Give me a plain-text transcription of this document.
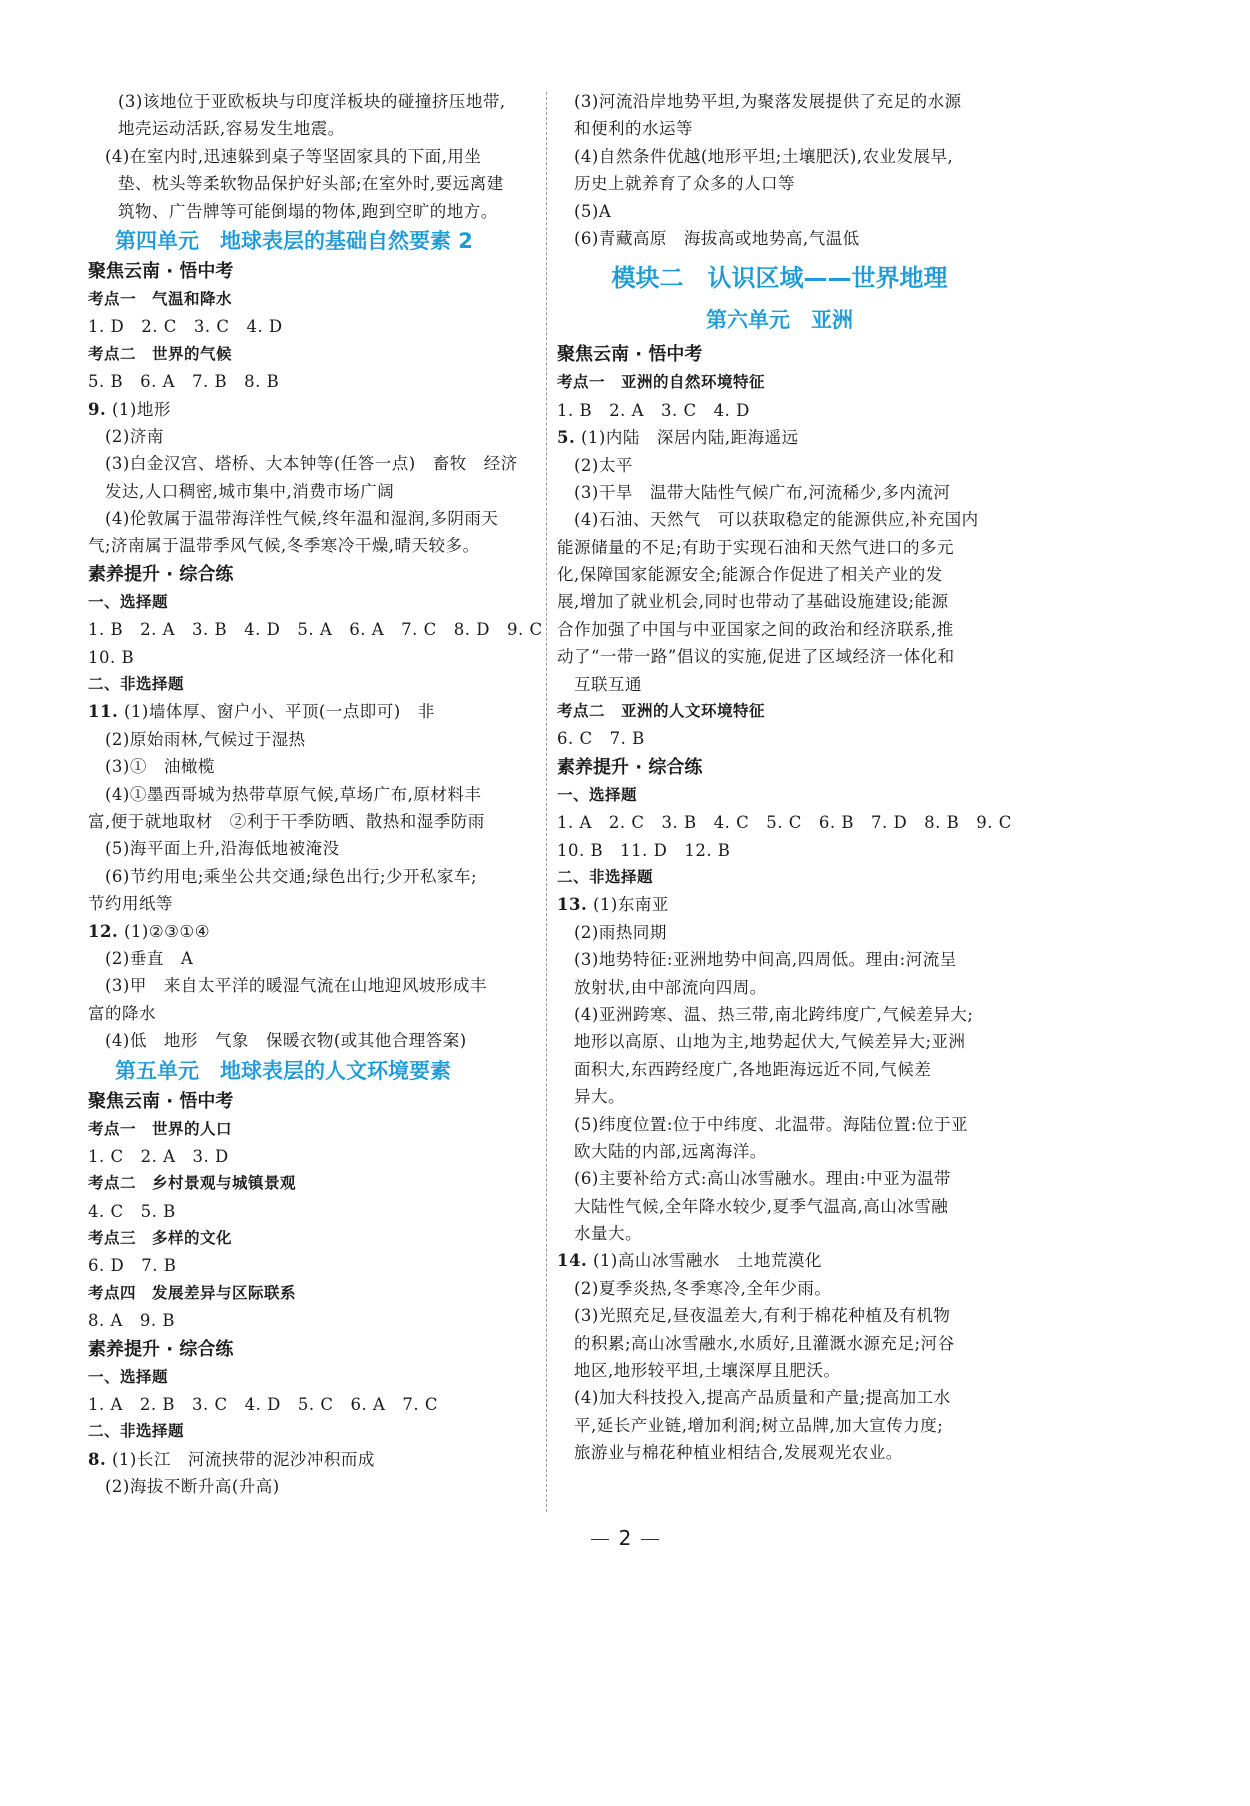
(3)该地位于亚欧板块与印度洋板块的碰撞挤压地带,
地壳运动活跃,容易发生地震。
(4)在室内时,迅速躲到桌子等坚固家具的下面,用坐
垫、枕头等柔软物品保护好头部;在室外时,要远离建
筑物、广告牌等可能倒塌的物体,跑到空旷的地方。
第四单元　地球表层的基础自然要素 2
聚焦云南 · 悟中考
考点一　气温和降水
1. D　2. C　3. C　4. D
考点二　世界的气候
5. B　6. A　7. B　8. B
9. (1)地形
(2)济南
(3)白金汉宫、塔桥、大本钟等(任答一点)　畜牧　经济
发达,人口稠密,城市集中,消费市场广阔
(4)伦敦属于温带海洋性气候,终年温和湿润,多阴雨天
气;济南属于温带季风气候,冬季寒冷干燥,晴天较多。
素养提升 · 综合练
一、选择题
1. B　2. A　3. B　4. D　5. A　6. A　7. C　8. D　9. C
10. B
二、非选择题
11. (1)墙体厚、窗户小、平顶(一点即可)　非
(2)原始雨林,气候过于湿热
(3)①　油橄榄
(4)①墨西哥城为热带草原气候,草场广布,原材料丰
富,便于就地取材　②利于干季防晒、散热和湿季防雨
(5)海平面上升,沿海低地被淹没
(6)节约用电;乘坐公共交通;绿色出行;少开私家车;
节约用纸等
12. (1)②③①④
(2)垂直　A
(3)甲　来自太平洋的暖湿气流在山地迎风坡形成丰
富的降水
(4)低　地形　气象　保暖衣物(或其他合理答案)
第五单元　地球表层的人文环境要素
聚焦云南 · 悟中考
考点一　世界的人口
1. C　2. A　3. D
考点二　乡村景观与城镇景观
4. C　5. B
考点三　多样的文化
6. D　7. B
考点四　发展差异与区际联系
8. A　9. B
素养提升 · 综合练
一、选择题
1. A　2. B　3. C　4. D　5. C　6. A　7. C
二、非选择题
8. (1)长江　河流挟带的泥沙冲积而成
(2)海拔不断升高(升高)
(3)河流沿岸地势平坦,为聚落发展提供了充足的水源
和便利的水运等
(4)自然条件优越(地形平坦;土壤肥沃),农业发展早,
历史上就养育了众多的人口等
(5)A
(6)青藏高原　海拔高或地势高,气温低
模块二　认识区域——世界地理
第六单元　亚洲
聚焦云南 · 悟中考
考点一　亚洲的自然环境特征
1. B　2. A　3. C　4. D
5. (1)内陆　深居内陆,距海遥远
(2)太平
(3)干旱　温带大陆性气候广布,河流稀少,多内流河
(4)石油、天然气　可以获取稳定的能源供应,补充国内
能源储量的不足;有助于实现石油和天然气进口的多元
化,保障国家能源安全;能源合作促进了相关产业的发
展,增加了就业机会,同时也带动了基础设施建设;能源
合作加强了中国与中亚国家之间的政治和经济联系,推
动了“一带一路”倡议的实施,促进了区域经济一体化和
互联互通
考点二　亚洲的人文环境特征
6. C　7. B
素养提升 · 综合练
一、选择题
1. A　2. C　3. B　4. C　5. C　6. B　7. D　8. B　9. C
10. B　11. D　12. B
二、非选择题
13. (1)东南亚
(2)雨热同期
(3)地势特征:亚洲地势中间高,四周低。理由:河流呈
放射状,由中部流向四周。
(4)亚洲跨寒、温、热三带,南北跨纬度广,气候差异大;
地形以高原、山地为主,地势起伏大,气候差异大;亚洲
面积大,东西跨经度广,各地距海远近不同,气候差
异大。
(5)纬度位置:位于中纬度、北温带。海陆位置:位于亚
欧大陆的内部,远离海洋。
(6)主要补给方式:高山冰雪融水。理由:中亚为温带
大陆性气候,全年降水较少,夏季气温高,高山冰雪融
水量大。
14. (1)高山冰雪融水　土地荒漠化
(2)夏季炎热,冬季寒冷,全年少雨。
(3)光照充足,昼夜温差大,有利于棉花种植及有机物
的积累;高山冰雪融水,水质好,且灌溉水源充足;河谷
地区,地形较平坦,土壤深厚且肥沃。
(4)加大科技投入,提高产品质量和产量;提高加工水
平,延长产业链,增加利润;树立品牌,加大宣传力度;
旅游业与棉花种植业相结合,发展观光农业。
2
